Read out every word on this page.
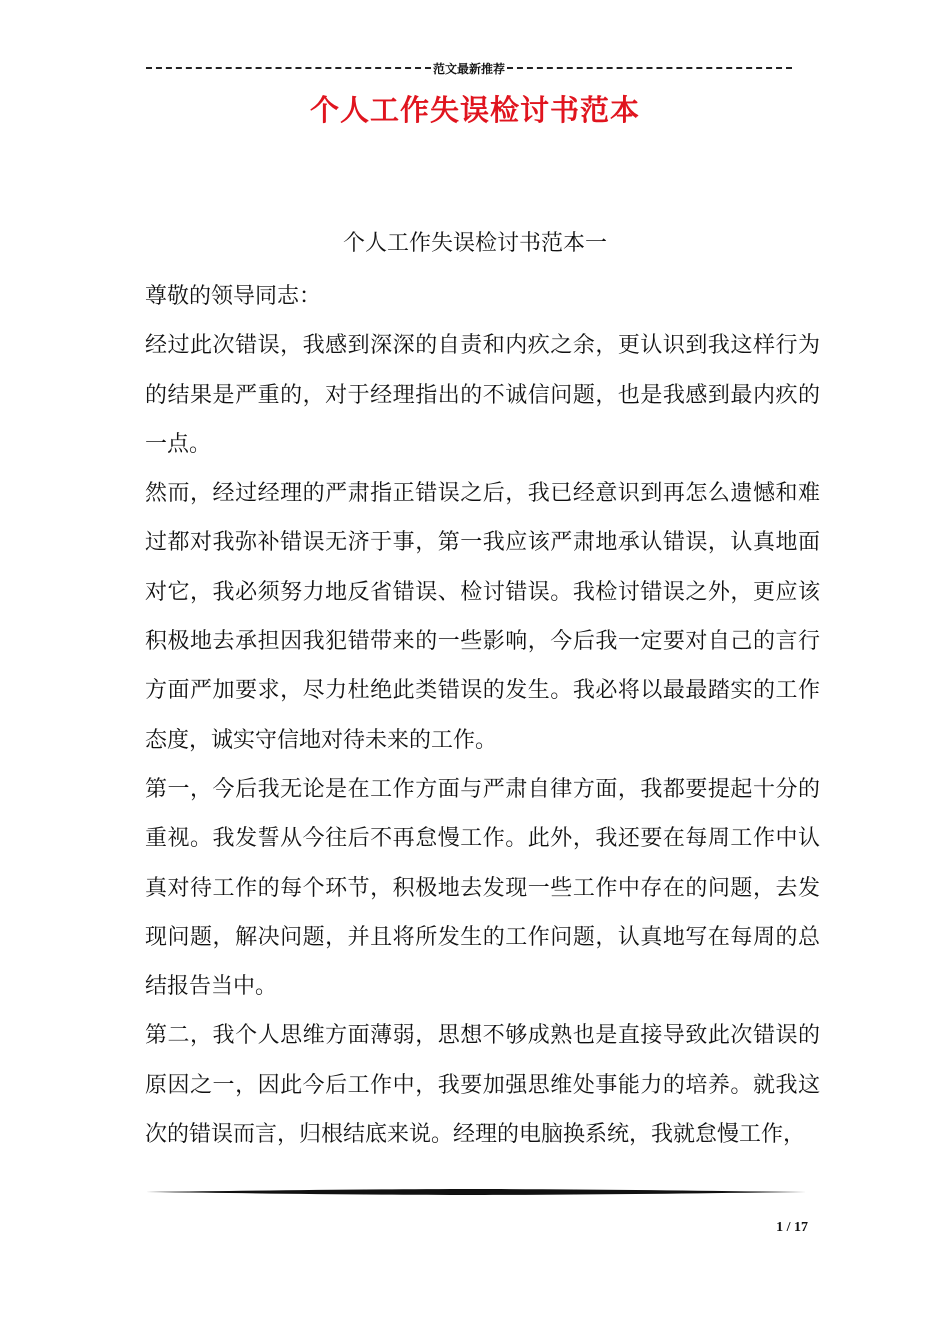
范文最新推荐
个人工作失误检讨书范本
个人工作失误检讨书范本一

尊敬的领导同志：

经过此次错误，我感到深深的自责和内疚之余，更认识到我这样行为的结果是严重的，对于经理指出的不诚信问题，也是我感到最内疚的一点。

然而，经过经理的严肃指正错误之后，我已经意识到再怎么遗憾和难过都对我弥补错误无济于事，第一我应该严肃地承认错误，认真地面对它，我必须努力地反省错误、检讨错误。我检讨错误之外，更应该积极地去承担因我犯错带来的一些影响，今后我一定要对自己的言行方面严加要求，尽力杜绝此类错误的发生。我必将以最最踏实的工作态度，诚实守信地对待未来的工作。

第一，今后我无论是在工作方面与严肃自律方面，我都要提起十分的重视。我发誓从今往后不再怠慢工作。此外，我还要在每周工作中认真对待工作的每个环节，积极地去发现一些工作中存在的问题，去发现问题，解决问题，并且将所发生的工作问题，认真地写在每周的总结报告当中。

第二，我个人思维方面薄弱，思想不够成熟也是直接导致此次错误的原因之一，因此今后工作中，我要加强思维处事能力的培养。就我这次的错误而言，归根结底来说。经理的电脑换系统，我就怠慢工作，

1 / 17
